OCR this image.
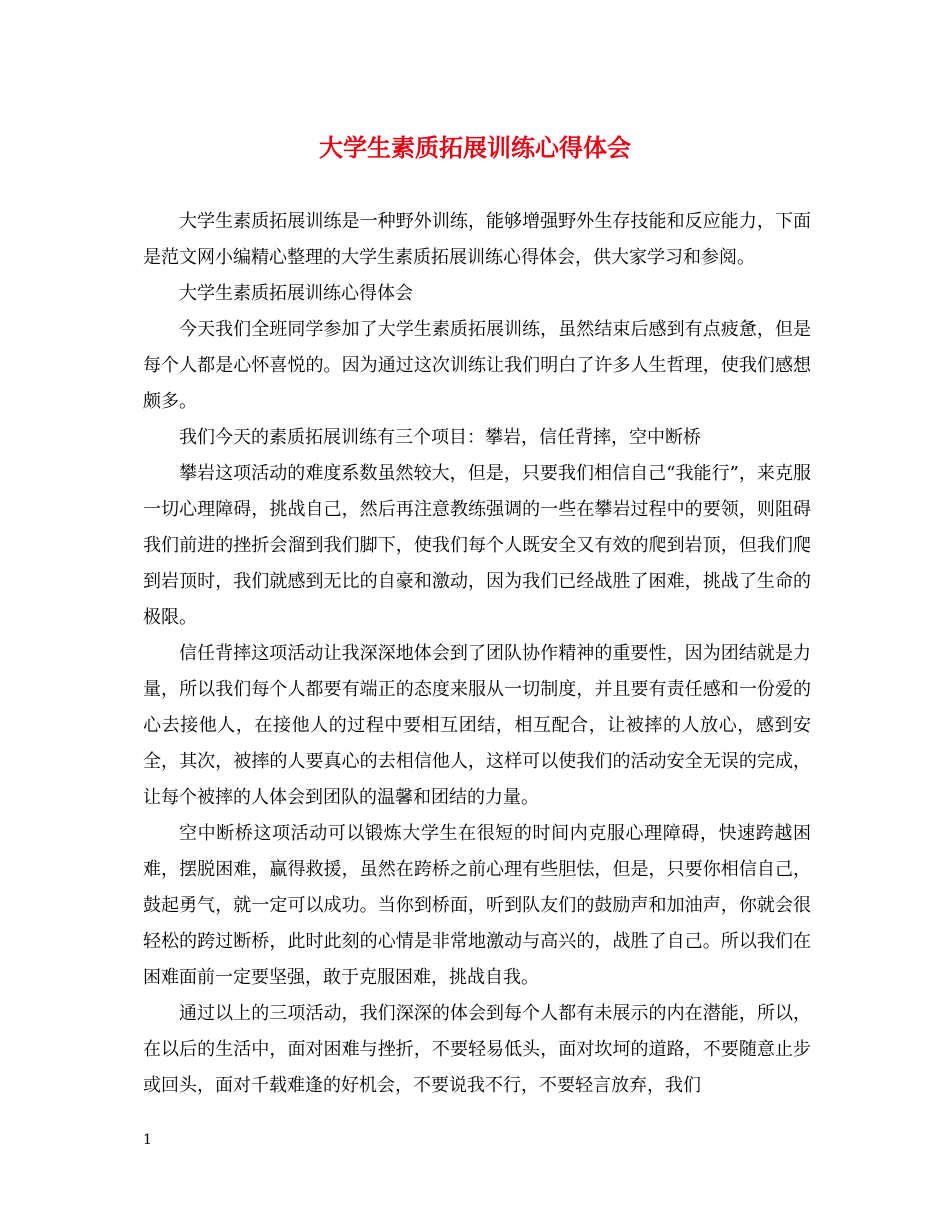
大学生素质拓展训练心得体会

大学生素质拓展训练是一种野外训练，能够增强野外生存技能和反应能力，下面是范文网小编精心整理的大学生素质拓展训练心得体会，供大家学习和参阅。

大学生素质拓展训练心得体会

今天我们全班同学参加了大学生素质拓展训练，虽然结束后感到有点疲惫，但是每个人都是心怀喜悦的。因为通过这次训练让我们明白了许多人生哲理，使我们感想颇多。

我们今天的素质拓展训练有三个项目：攀岩，信任背摔，空中断桥

攀岩这项活动的难度系数虽然较大，但是，只要我们相信自己“我能行”，来克服一切心理障碍，挑战自己，然后再注意教练强调的一些在攀岩过程中的要领，则阻碍我们前进的挫折会溜到我们脚下，使我们每个人既安全又有效的爬到岩顶，但我们爬到岩顶时，我们就感到无比的自豪和激动，因为我们已经战胜了困难，挑战了生命的极限。

信任背摔这项活动让我深深地体会到了团队协作精神的重要性，因为团结就是力量，所以我们每个人都要有端正的态度来服从一切制度，并且要有责任感和一份爱的心去接他人，在接他人的过程中要相互团结，相互配合，让被摔的人放心，感到安全，其次，被摔的人要真心的去相信他人，这样可以使我们的活动安全无误的完成，让每个被摔的人体会到团队的温馨和团结的力量。

空中断桥这项活动可以锻炼大学生在很短的时间内克服心理障碍，快速跨越困难，摆脱困难，赢得救援，虽然在跨桥之前心理有些胆怯，但是，只要你相信自己，鼓起勇气，就一定可以成功。当你到桥面，听到队友们的鼓励声和加油声，你就会很轻松的跨过断桥，此时此刻的心情是非常地激动与高兴的，战胜了自己。所以我们在困难面前一定要坚强，敢于克服困难，挑战自我。

通过以上的三项活动，我们深深的体会到每个人都有未展示的内在潜能，所以，在以后的生活中，面对困难与挫折，不要轻易低头，面对坎坷的道路，不要随意止步或回头，面对千载难逢的好机会，不要说我不行，不要轻言放弃，我们

1
